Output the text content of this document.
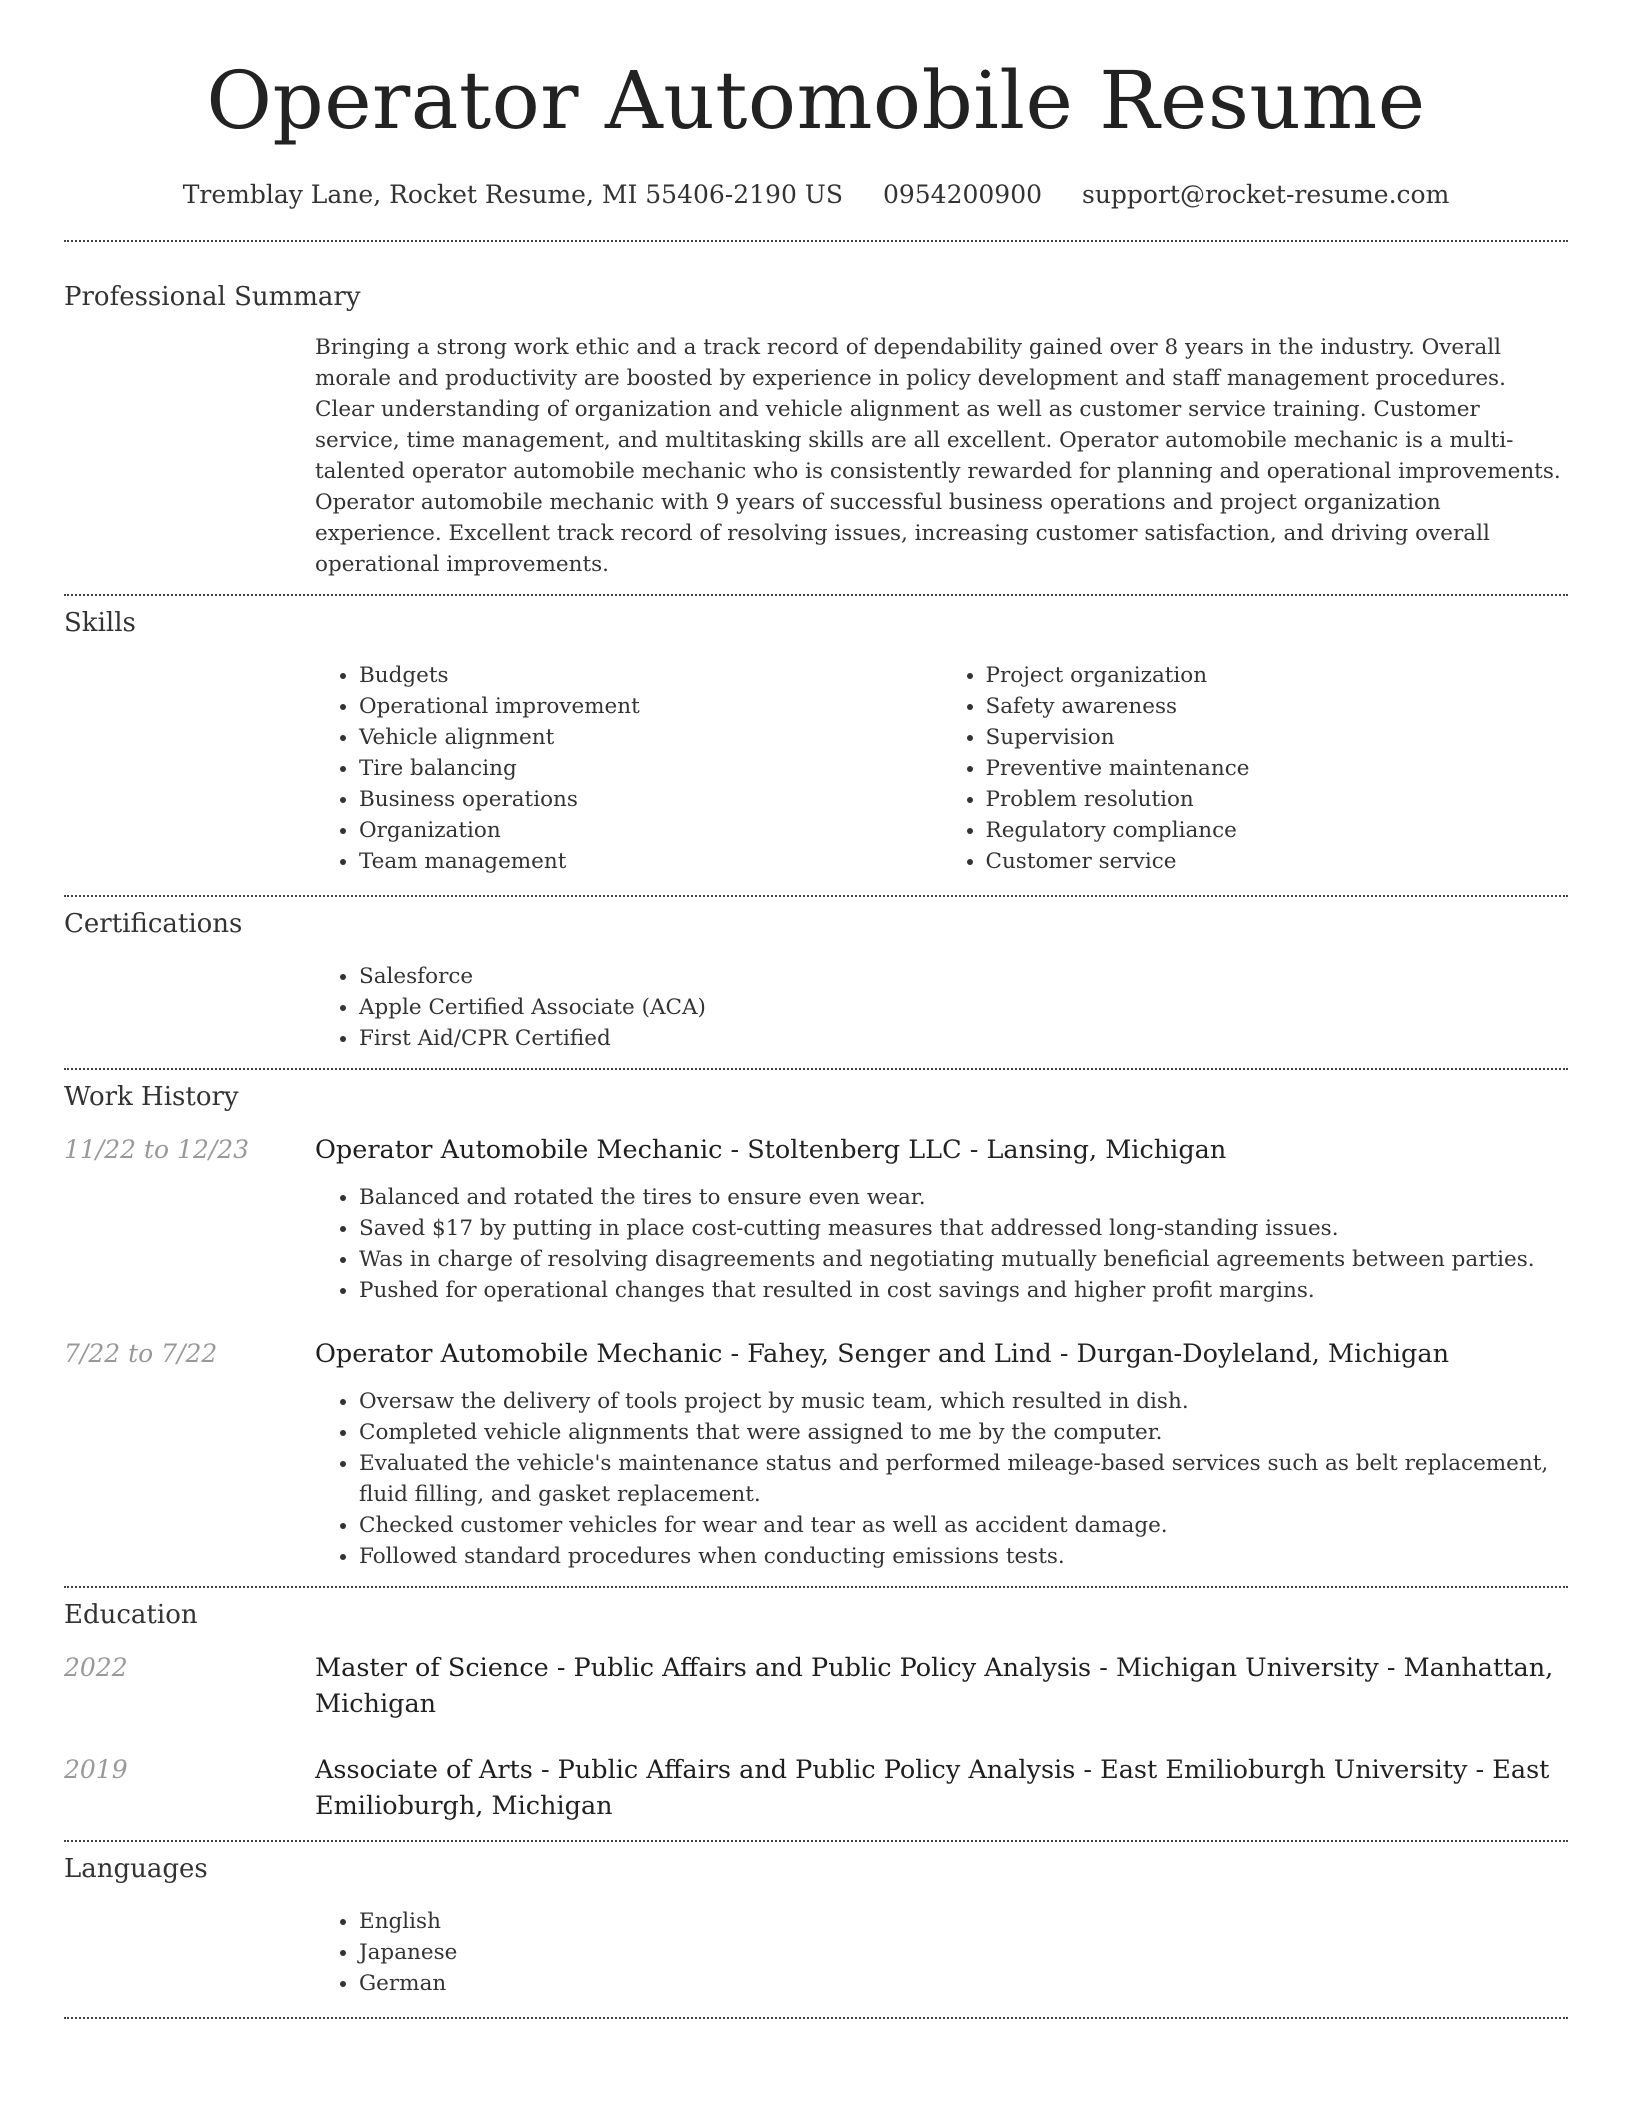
Operator Automobile Resume
Tremblay Lane, Rocket Resume, MI 55406-2190 US 0954200900 support@rocket-resume.com
Professional Summary
Bringing a strong work ethic and a track record of dependability gained over 8 years in the industry. Overall morale and productivity are boosted by experience in policy development and staff management procedures. Clear understanding of organization and vehicle alignment as well as customer service training. Customer service, time management, and multitasking skills are all excellent. Operator automobile mechanic is a multi-talented operator automobile mechanic who is consistently rewarded for planning and operational improvements. Operator automobile mechanic with 9 years of successful business operations and project organization experience. Excellent track record of resolving issues, increasing customer satisfaction, and driving overall operational improvements.
Skills
• Budgets
• Operational improvement
• Vehicle alignment
• Tire balancing
• Business operations
• Organization
• Team management
• Project organization
• Safety awareness
• Supervision
• Preventive maintenance
• Problem resolution
• Regulatory compliance
• Customer service
Certifications
• Salesforce
• Apple Certified Associate (ACA)
• First Aid/CPR Certified
Work History
11/22 to 12/23	Operator Automobile Mechanic - Stoltenberg LLC - Lansing, Michigan
• Balanced and rotated the tires to ensure even wear.
• Saved $17 by putting in place cost-cutting measures that addressed long-standing issues.
• Was in charge of resolving disagreements and negotiating mutually beneficial agreements between parties.
• Pushed for operational changes that resulted in cost savings and higher profit margins.
7/22 to 7/22	Operator Automobile Mechanic - Fahey, Senger and Lind - Durgan-Doyleland, Michigan
• Oversaw the delivery of tools project by music team, which resulted in dish.
• Completed vehicle alignments that were assigned to me by the computer.
• Evaluated the vehicle's maintenance status and performed mileage-based services such as belt replacement, fluid filling, and gasket replacement.
• Checked customer vehicles for wear and tear as well as accident damage.
• Followed standard procedures when conducting emissions tests.
Education
2022	Master of Science - Public Affairs and Public Policy Analysis - Michigan University - Manhattan, Michigan
2019	Associate of Arts - Public Affairs and Public Policy Analysis - East Emilioburgh University - East Emilioburgh, Michigan
Languages
• English
• Japanese
• German
